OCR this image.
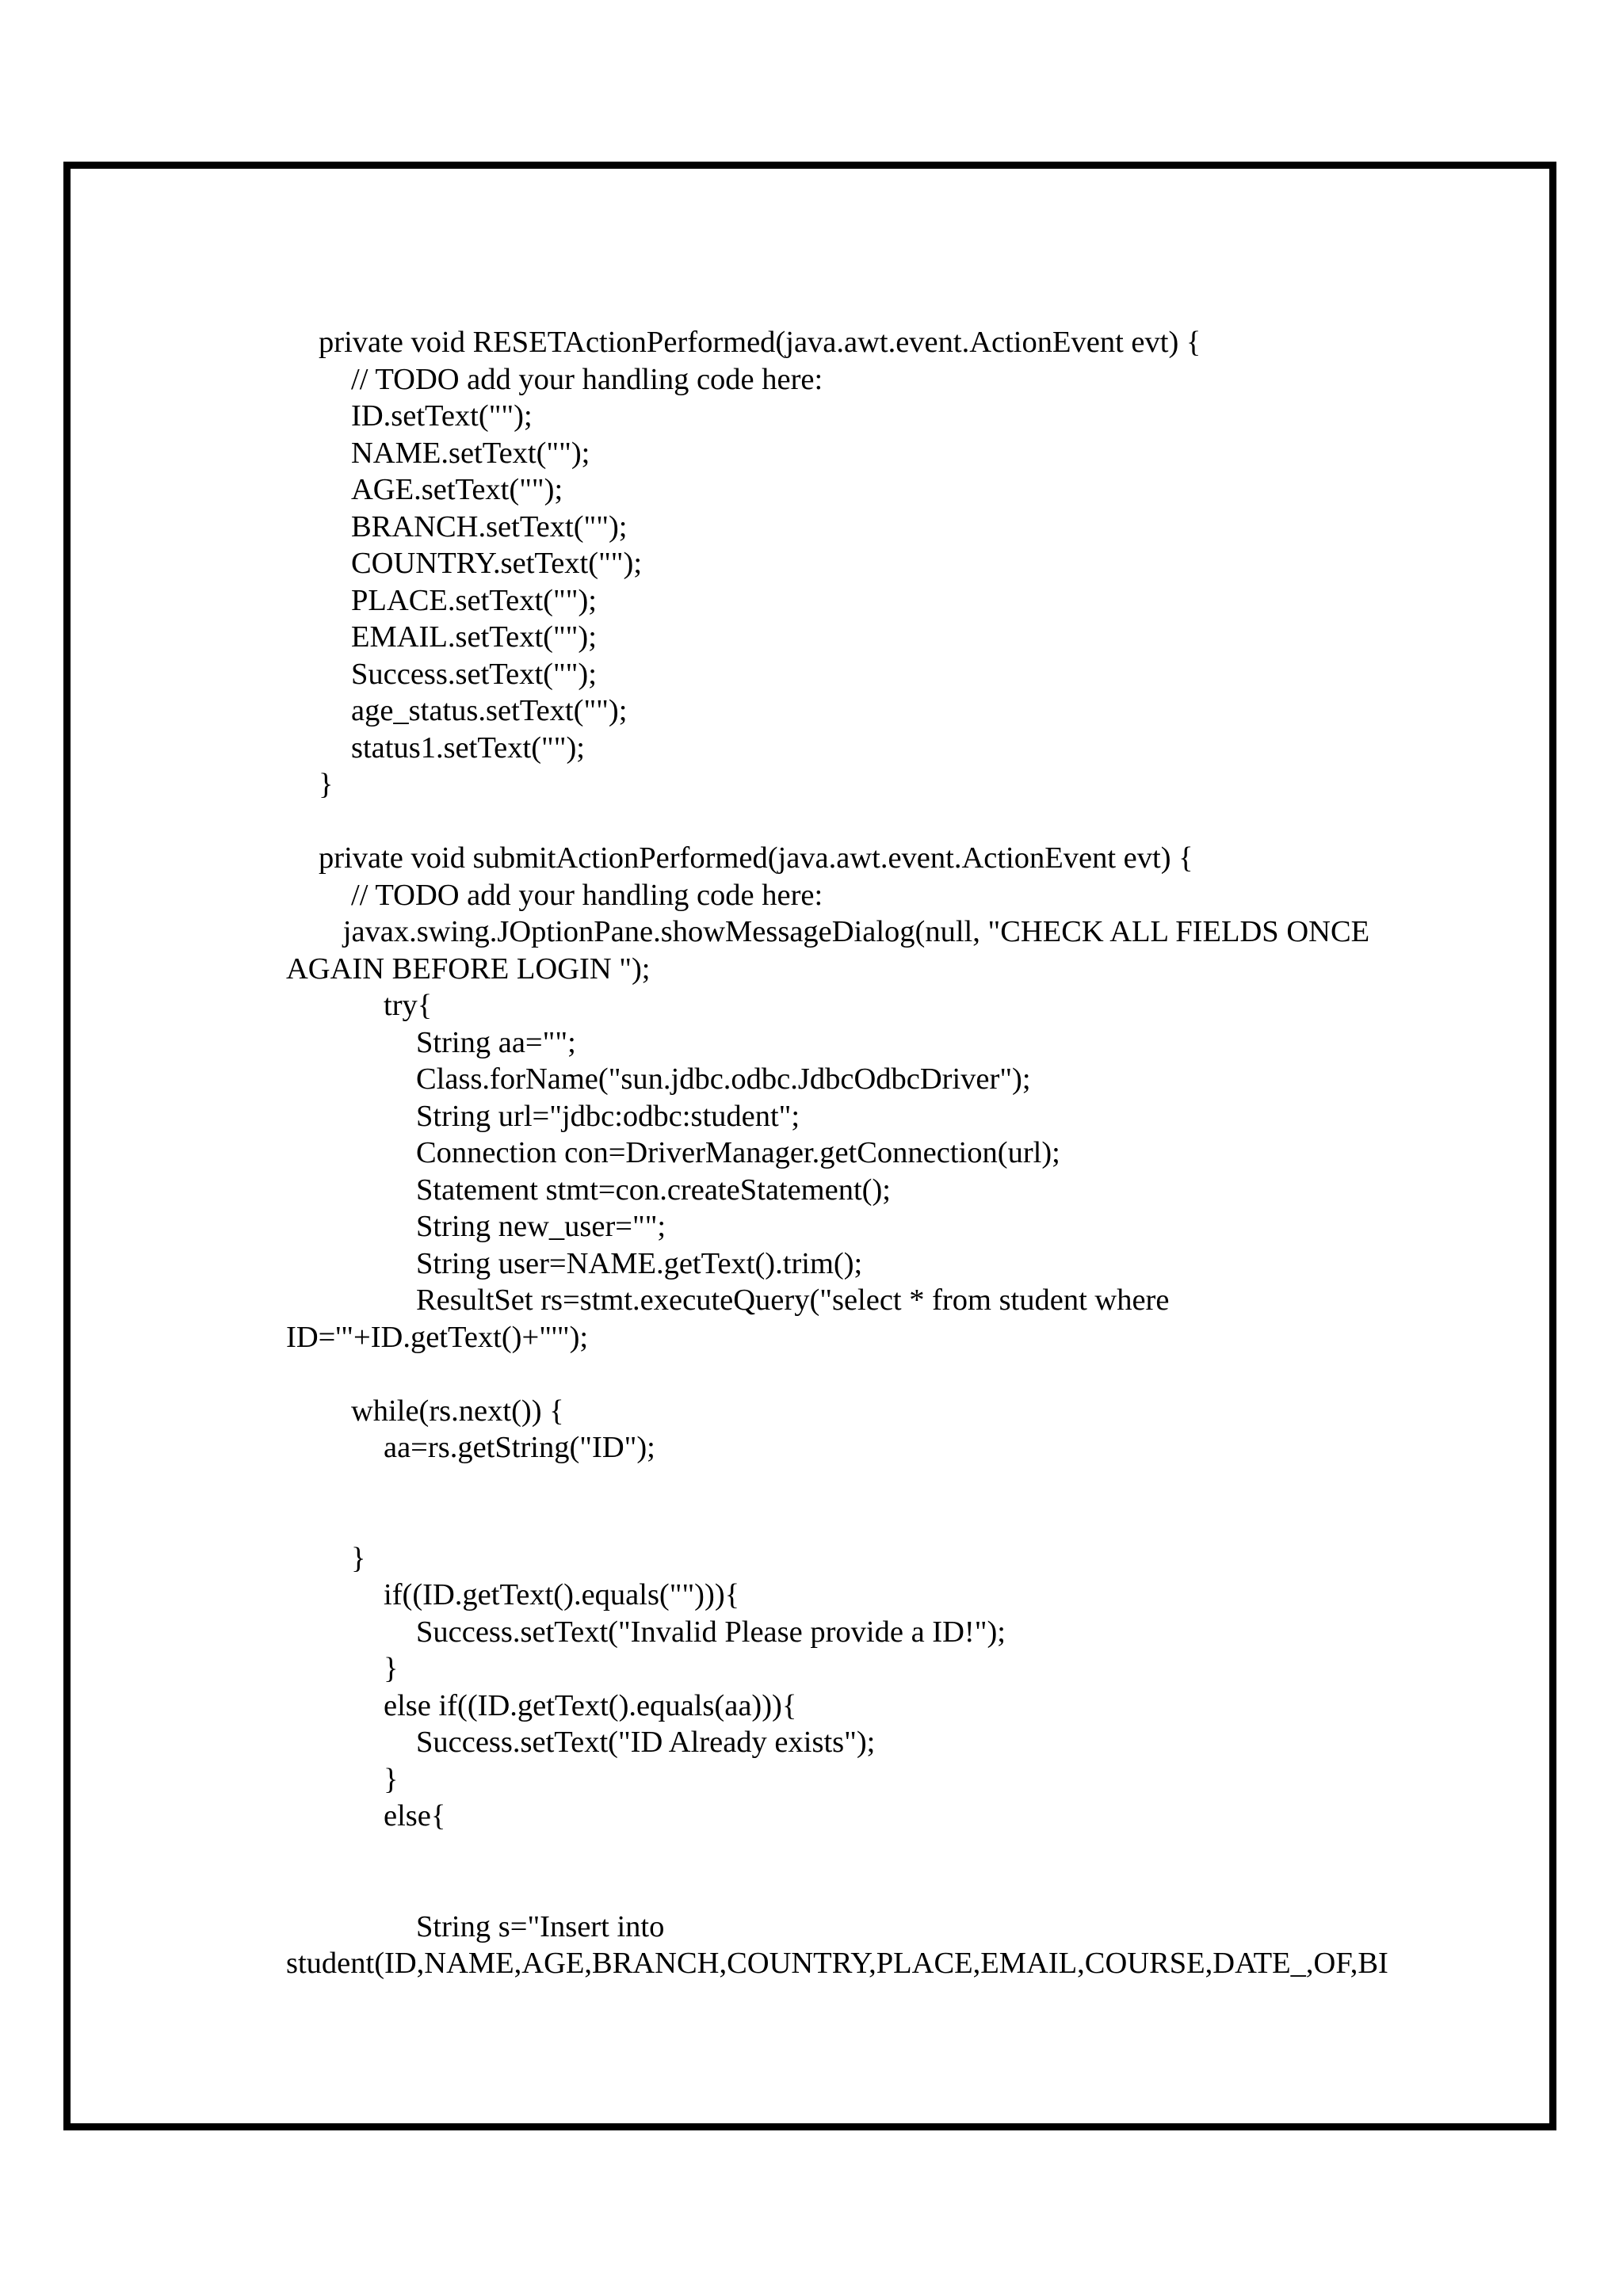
private void RESETActionPerformed(java.awt.event.ActionEvent evt) {
// TODO add your handling code here:
ID.setText("");
NAME.setText("");
AGE.setText("");
BRANCH.setText("");
COUNTRY.setText("");
PLACE.setText("");
EMAIL.setText("");
Success.setText("");
age_status.setText("");
status1.setText("");
}
private void submitActionPerformed(java.awt.event.ActionEvent evt) {
// TODO add your handling code here:
javax.swing.JOptionPane.showMessageDialog(null, "CHECK ALL FIELDS ONCE
AGAIN BEFORE LOGIN ");
try{
String aa="";
Class.forName("sun.jdbc.odbc.JdbcOdbcDriver");
String url="jdbc:odbc:student";
Connection con=DriverManager.getConnection(url);
Statement stmt=con.createStatement();
String new_user="";
String user=NAME.getText().trim();
ResultSet rs=stmt.executeQuery("select * from student where
ID='"+ID.getText()+"'");
while(rs.next()) {
aa=rs.getString("ID");
}
if((ID.getText().equals(""))){
Success.setText("Invalid Please provide a ID!");
}
else if((ID.getText().equals(aa))){
Success.setText("ID Already exists");
}
else{
String s="Insert into
student(ID,NAME,AGE,BRANCH,COUNTRY,PLACE,EMAIL,COURSE,DATE_,OF,BI
